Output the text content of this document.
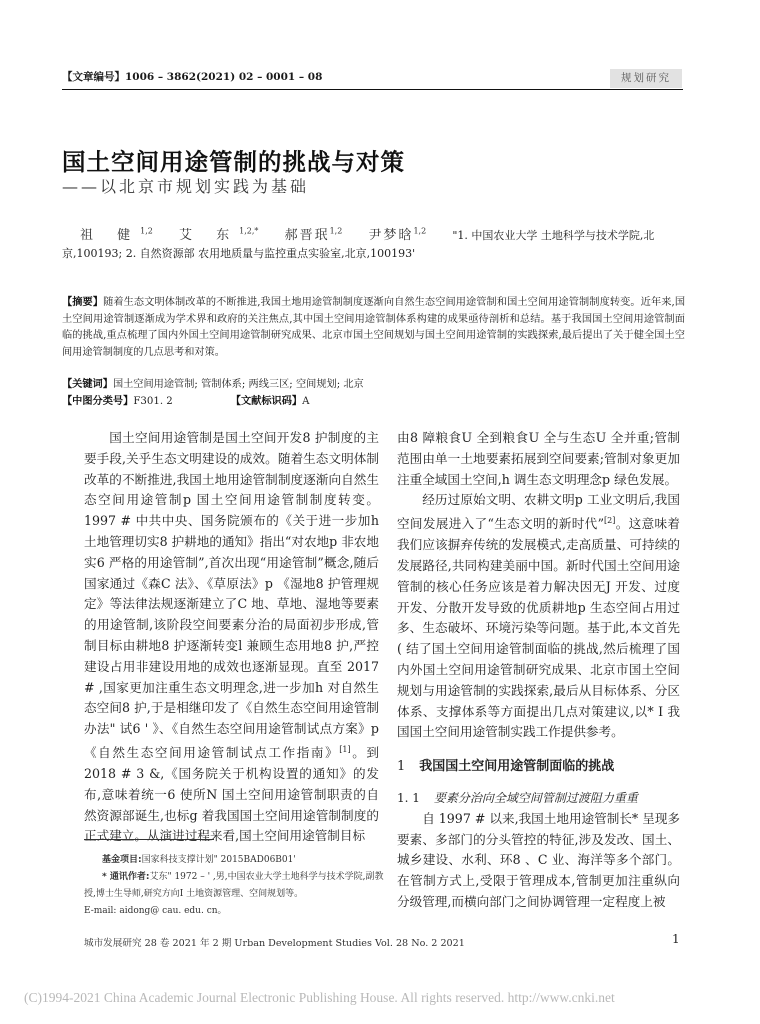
【文章编号】1006 – 3862(2021) 02 – 0001 – 08	规划研究
国土空间用途管制的挑战与对策
——以北京市规划实践为基础
祖 健$^{1,2}$ 艾 东$^{1,2,*}$ 郝晋珉$^{1,2}$ 尹梦晗$^{1,2}$ "1. 中国农业大学 土地科学与技术学院,北
京,100193; 2. 自然资源部 农用地质量与监控重点实验室,北京,100193'
【摘要】随着生态文明体制改革的不断推进,我国土地用途管制制度逐渐向自然生态空间用途管制和国土空间用途管制制度转变。近年来,国土空间用途管制逐渐成为学术界和政府的关注焦点,其中国土空间用途管制体系构建的成果亟待剖析和总结。基于我国国土空间用途管制面临的挑战,重点梳理了国内外国土空间用途管制研究成果、北京市国土空间规划与国土空间用途管制的实践探索,最后提出了关于健全国土空间用途管制制度的几点思考和对策。
【关键词】国土空间用途管制; 管制体系; 两线三区; 空间规划; 北京
【中图分类号】F301. 2	【文献标识码】A

国土空间用途管制是国土空间开发8 护制度的主要手段,关乎生态文明建设的成效。随着生态文明体制改革的不断推进,我国土地用途管制制度逐渐向自然生态空间用途管制p 国土空间用途管制制度转变。1997 # 中共中央、国务院颁布的《关于进一步加h 土地管理切实8 护耕地的通知》指出“对农地p 非农地实6 严格的用途管制”,首次出现“用途管制”概念,随后国家通过《森C 法》、《草原法》p 《湿地8 护管理规定》等法律法规逐渐建立了C 地、草地、湿地等要素的用途管制,该阶段空间要素分治的局面初步形成,管制目标由耕地8 护逐渐转变l 兼顾生态用地8 护,严控建设占用非建设用地的成效也逐渐显现。直至 2017 # ,国家更加注重生态文明理念,进一步加h 对自然生态空间8 护,于是相继印发了《自然生态空间用途管制办法" 试6 ' 》、《自然生态空间用途管制试点方案》p 《自然生态空间用途管制试点工作指南》[1]。到 2018 # 3 &,《国务院关于机构设置的通知》的发布,意味着统一6 使所N 国土空间用途管制职责的自然资源部诞生,也标g 着我国国土空间用途管制制度的正式建立。从演进过程来看,国土空间用途管制目标

基金项目:国家科技支撑计划" 2015BAD06B01'
* 通讯作者:艾东" 1972 – ' ,男,中国农业大学土地科学与技术学院,副教授,博士生导师,研究方向I 土地资源管理、空间规划等。
E-mail: aidong@ cau. edu. cn。

由8 障粮食U 全到粮食U 全与生态U 全并重;管制范围由单一土地要素拓展到空间要素;管制对象更加注重全域国土空间,h 调生态文明理念p 绿色发展。

经历过原始文明、农耕文明p 工业文明后,我国空间发展进入了“生态文明的新时代”[2]。这意味着我们应该摒弃传统的发展模式,走高质量、可持续的发展路径,共同构建美丽中国。新时代国土空间用途管制的核心任务应该是着力解决因无J 开发、过度开发、分散开发导致的优质耕地p 生态空间占用过多、生态破坏、环境污染等问题。基于此,本文首先( 结了国土空间用途管制面临的挑战,然后梳理了国内外国土空间用途管制研究成果、北京市国土空间规划与用途管制的实践探索,最后从目标体系、分区体系、支撑体系等方面提出几点对策建议,以* I 我国国土空间用途管制实践工作提供参考。

1 我国国土空间用途管制面临的挑战
1. 1 要素分治向全域空间管制过渡阻力重重

自 1997 # 以来,我国土地用途管制长* 呈现多要素、多部门的分头管控的特征,涉及发改、国土、城乡建设、水利、环8 、C 业、海洋等多个部门。在管制方式上,受限于管理成本,管制更加注重纵向分级管理,而横向部门之间协调管理一定程度上被

城市发展研究 28 卷 2021 年 2 期 Urban Development Studies Vol. 28 No. 2 2021	1
(C)1994-2021 China Academic Journal Electronic Publishing House. All rights reserved. http://www.cnki.net
